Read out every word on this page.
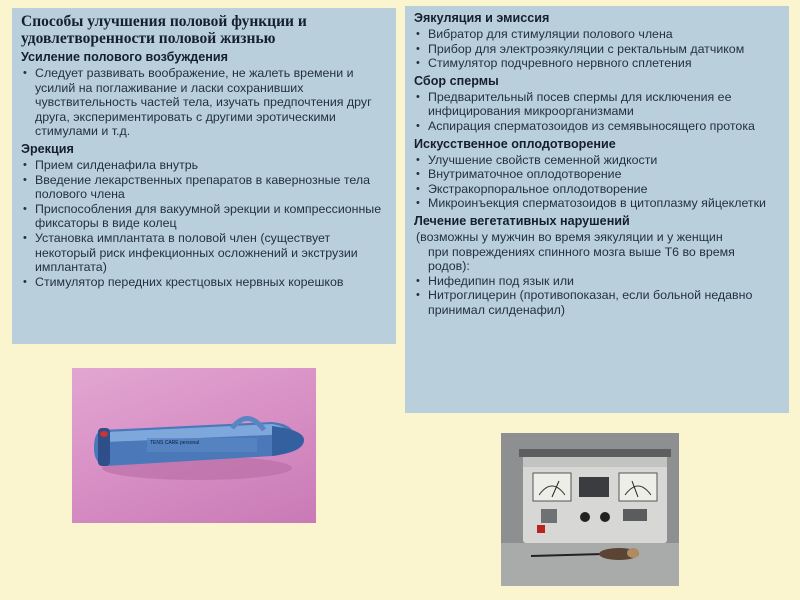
Способы улучшения половой функции и удовлетворенности половой жизнью
Усиление полового возбуждения
• Следует развивать воображение, не жалеть времени и усилий на поглаживание и ласки сохранивших чувствительность частей тела, изучать предпочтения друг друга, экспериментировать с другими эротическими стимулами и т.д.
Эрекция
• Прием силденафила внутрь
• Введение лекарственных препаратов в кавернозные тела полового члена
• Приспособления для вакуумной эрекции и компрессионные фиксаторы в виде колец
• Установка имплантата в половой член (существует некоторый риск инфекционных осложнений и экструзии имплантата)
• Стимулятор передних крестцовых нервных корешков
Эякуляция и эмиссия
• Вибратор для стимуляции полового члена
• Прибор для электроэякуляции с ректальным датчиком
• Стимулятор подчревного нервного сплетения
Сбор спермы
• Предварительный посев спермы для исключения ее инфицирования микроорганизмами
• Аспирация сперматозоидов из семявыносящего протока
Искусственное оплодотворение
• Улучшение свойств семенной жидкости
• Внутриматочное оплодотворение
• Экстракорпоральное оплодотворение
• Микроинъекция сперматозоидов в цитоплазму яйцеклетки
Лечение вегетативных нарушений
(возможны у мужчин во время эякуляции и у женщин
при повреждениях спинного мозга выше Т6 во время родов):
• Нифедипин под язык или
• Нитроглицерин (противопоказан, если больной недавно принимал силденафил)
TENS CARE personal
